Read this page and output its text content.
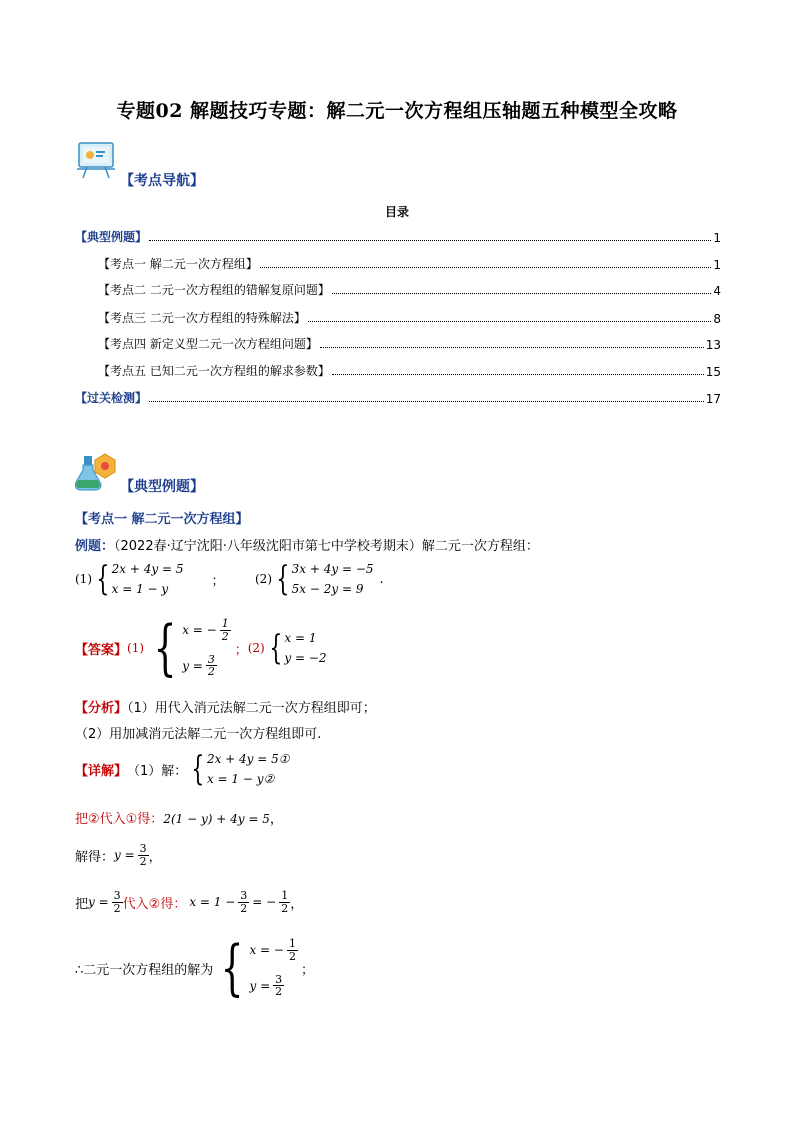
专题02 解题技巧专题：解二元一次方程组压轴题五种模型全攻略
【考点导航】
目录
【典型例题】	1
【考点一 解二元一次方程组】	1
【考点二 二元一次方程组的错解复原问题】	4
【考点三 二元一次方程组的特殊解法】	8
【考点四 新定义型二元一次方程组问题】	13
【考点五 已知二元一次方程组的解求参数】	15
【过关检测】	17
【典型例题】
【考点一 解二元一次方程组】
例题：（2022春·辽宁沈阳·八年级沈阳市第七中学校考期末）解二元一次方程组：
(1) { 2x + 4y = 5
x = 1 − y
；	(2) { 3x + 4y = −5
5x − 2y = 9
.
【答案】 (1) { x = − $\frac{1}{2}$
$y = \frac{3}{2}$
； (2) { x = 1
y = −2
【分析】（1）用代入消元法解二元一次方程组即可；
（2）用加减消元法解二元一次方程组即可.
【详解】 （1）解： { 2x + 4y = 5①
x = 1 − y②
把②代入①得：2(1 − y) + 4y = 5，
解得： $y = \frac{3}{2}$ ，
把 $y = \frac{3}{2}$ 代入②得： $x = 1 - \frac{3}{2}$ = − $\frac{1}{2}$ ，
∴二元一次方程组的解为 { x = − $\frac{1}{2}$
$y = \frac{3}{2}$
；
